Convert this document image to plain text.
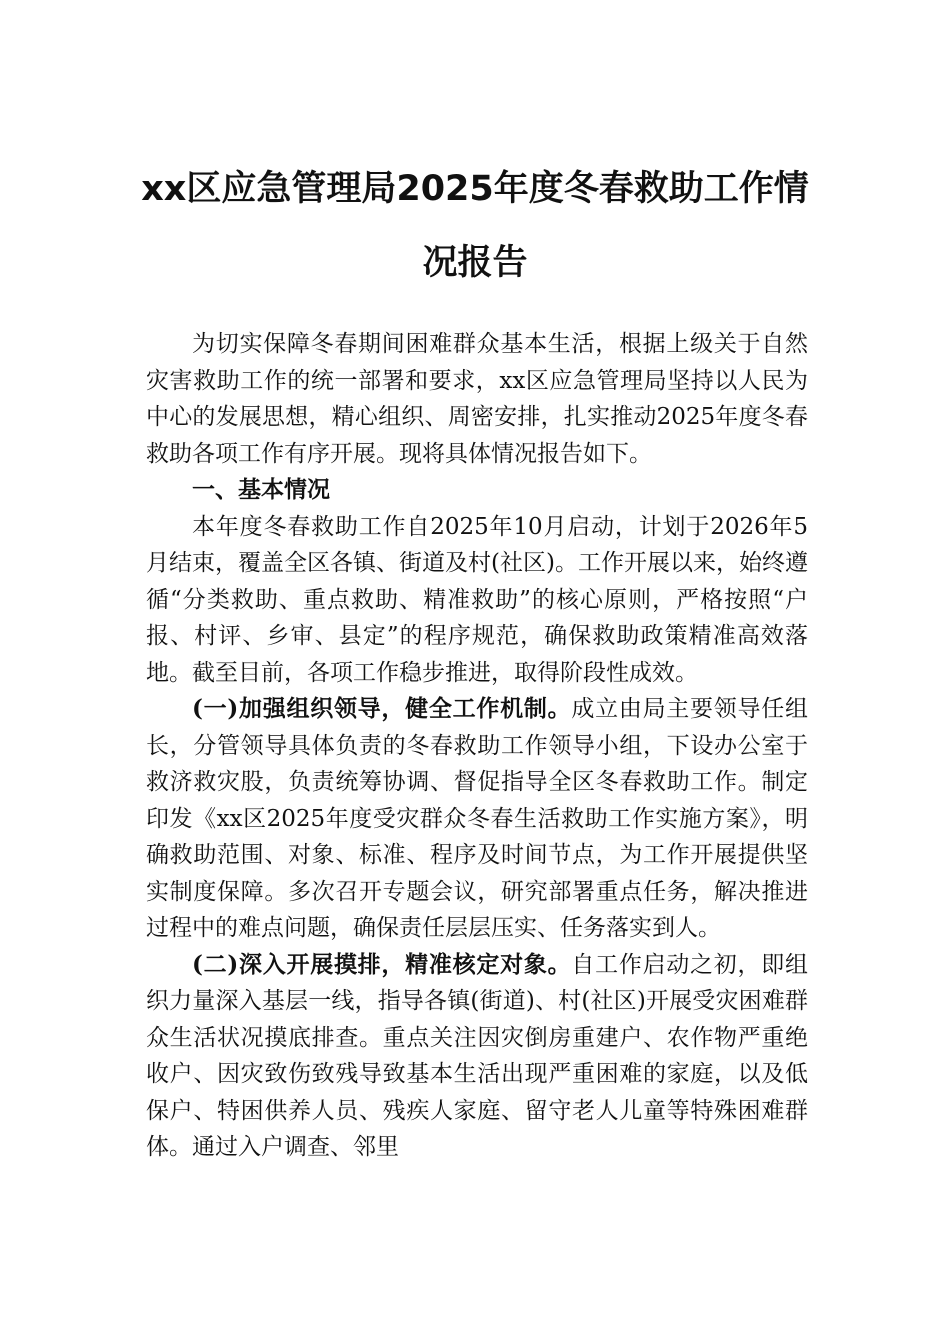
xx区应急管理局2025年度冬春救助工作情况报告

为切实保障冬春期间困难群众基本生活，根据上级关于自然灾害救助工作的统一部署和要求，xx区应急管理局坚持以人民为中心的发展思想，精心组织、周密安排，扎实推动2025年度冬春救助各项工作有序开展。现将具体情况报告如下。

一、基本情况

本年度冬春救助工作自2025年10月启动，计划于2026年5月结束，覆盖全区各镇、街道及村(社区)。工作开展以来，始终遵循“分类救助、重点救助、精准救助”的核心原则，严格按照“户报、村评、乡审、县定”的程序规范，确保救助政策精准高效落地。截至目前，各项工作稳步推进，取得阶段性成效。

(一)加强组织领导，健全工作机制。成立由局主要领导任组长，分管领导具体负责的冬春救助工作领导小组，下设办公室于救济救灾股，负责统筹协调、督促指导全区冬春救助工作。制定印发《xx区2025年度受灾群众冬春生活救助工作实施方案》，明确救助范围、对象、标准、程序及时间节点，为工作开展提供坚实制度保障。多次召开专题会议，研究部署重点任务，解决推进过程中的难点问题，确保责任层层压实、任务落实到人。

(二)深入开展摸排，精准核定对象。自工作启动之初，即组织力量深入基层一线，指导各镇(街道)、村(社区)开展受灾困难群众生活状况摸底排查。重点关注因灾倒房重建户、农作物严重绝收户、因灾致伤致残导致基本生活出现严重困难的家庭，以及低保户、特困供养人员、残疾人家庭、留守老人儿童等特殊困难群体。通过入户调查、邻里
